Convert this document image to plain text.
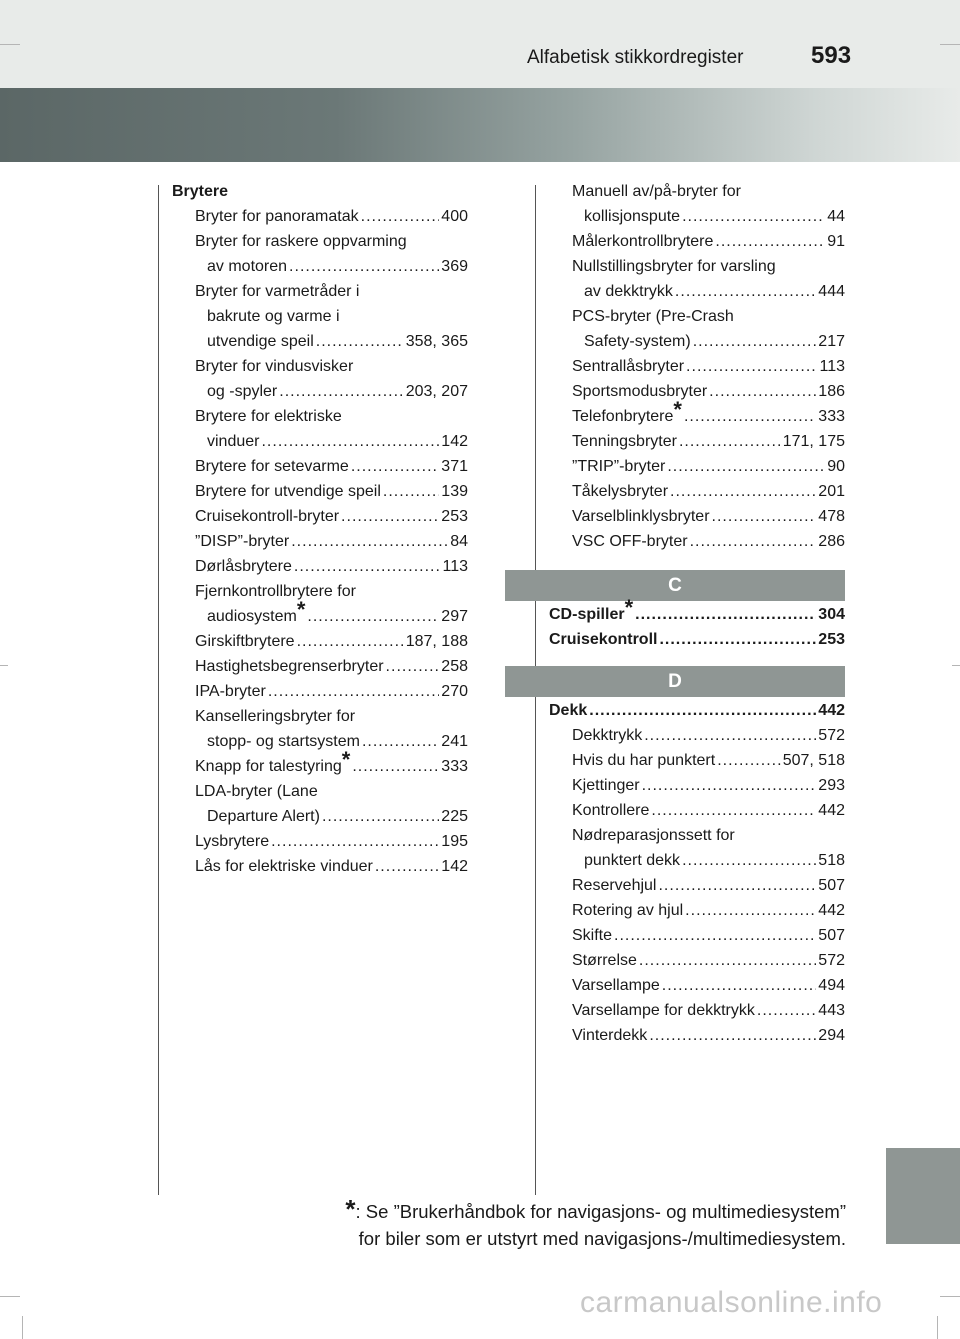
Alfabetisk stikkordregister	593
Brytere
Bryter for panoramatak .....	400
Bryter for raskere oppvarming
av motoren .....	369
Bryter for varmetråder i
bakrute og varme i
utvendige speil .....	358, 365
Bryter for vindusvisker
og -spyler .....	203, 207
Brytere for elektriske
vinduer .....	142
Brytere for setevarme .....	371
Brytere for utvendige speil .....	139
Cruisekontroll-bryter .....	253
”DISP”-bryter .....	84
Dørlåsbrytere .....	113
Fjernkontrollbrytere for
audiosystem* .....	297
Girskiftbrytere .....	187, 188
Hastighetsbegrenserbryter .....	258
IPA-bryter .....	270
Kanselleringsbryter for
stopp- og startsystem .....	241
Knapp for talestyring* .....	333
LDA-bryter (Lane
Departure Alert) .....	225
Lysbrytere .....	195
Lås for elektriske vinduer .....	142
Manuell av/på-bryter for
kollisjonspute .....	44
Målerkontrollbrytere .....	91
Nullstillingsbryter for varsling
av dekktrykk .....	444
PCS-bryter (Pre-Crash
Safety-system) .....	217
Sentrallåsbryter .....	113
Sportsmodusbryter .....	186
Telefonbrytere* .....	333
Tenningsbryter .....	171, 175
”TRIP”-bryter .....	90
Tåkelysbryter .....	201
Varselblinklysbryter .....	478
VSC OFF-bryter .....	286
C
CD-spiller* .....	304
Cruisekontroll .....	253
D
Dekk .....	442
Dekktrykk .....	572
Hvis du har punktert .....	507, 518
Kjettinger .....	293
Kontrollere .....	442
Nødreparasjonssett for
punktert dekk .....	518
Reservehjul .....	507
Rotering av hjul .....	442
Skifte .....	507
Størrelse .....	572
Varsellampe .....	494
Varsellampe for dekktrykk .....	443
Vinterdekk .....	294
*: Se ”Brukerhåndbok for navigasjons- og multimediesystem”
for biler som er utstyrt med navigasjons-/multimediesystem.
carmanualsonline.info
